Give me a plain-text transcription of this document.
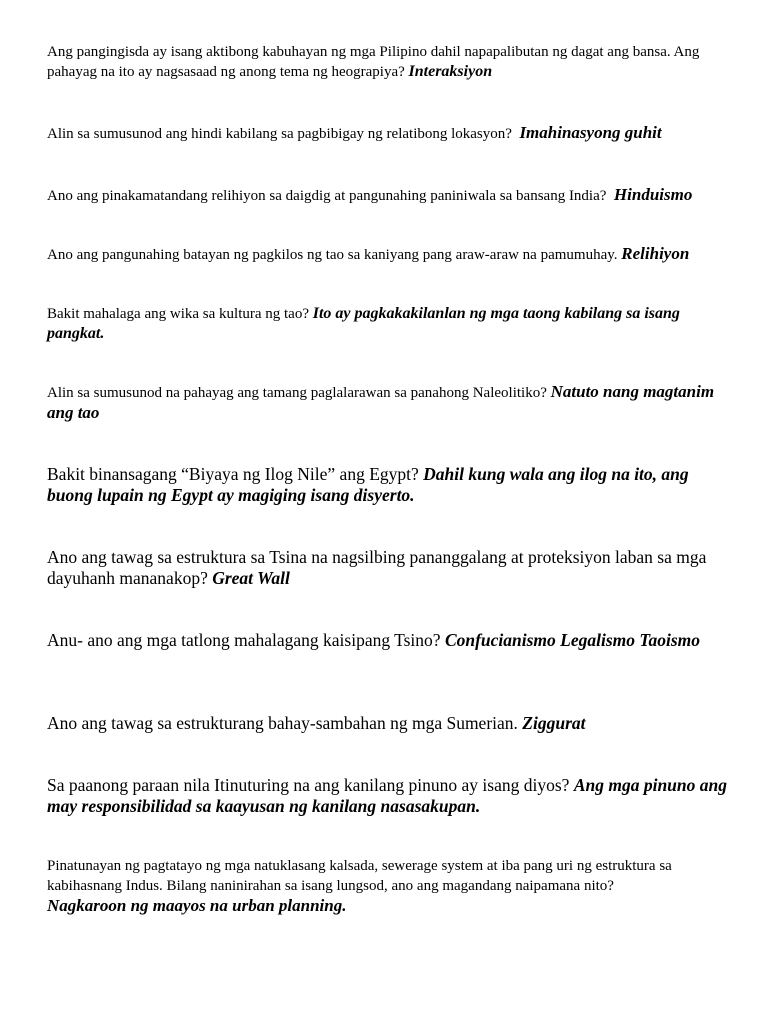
Ang pangingisda ay isang aktibong kabuhayan ng mga Pilipino dahil napapalibutan ng dagat ang bansa. Ang pahayag na ito ay nagsasaad ng anong tema ng heograpiya? Interaksiyon

Alin sa sumusunod ang hindi kabilang sa pagbibigay ng relatibong lokasyon? Imahinasyong guhit

Ano ang pinakamatandang relihiyon sa daigdig at pangunahing paniniwala sa bansang India? Hinduismo

Ano ang pangunahing batayan ng pagkilos ng tao sa kaniyang pang araw-araw na pamumuhay. Relihiyon

Bakit mahalaga ang wika sa kultura ng tao? Ito ay pagkakakilanlan ng mga taong kabilang sa isang pangkat.

Alin sa sumusunod na pahayag ang tamang paglalarawan sa panahong Naleolitiko? Natuto nang magtanim ang tao

Bakit binansagang “Biyaya ng Ilog Nile” ang Egypt? Dahil kung wala ang ilog na ito, ang buong lupain ng Egypt ay magiging isang disyerto.

Ano ang tawag sa estruktura sa Tsina na nagsilbing pananggalang at proteksiyon laban sa mga dayuhanh mananakop? Great Wall

Anu- ano ang mga tatlong mahalagang kaisipang Tsino? Confucianismo Legalismo Taoismo

Ano ang tawag sa estrukturang bahay-sambahan ng mga Sumerian. Ziggurat

Sa paanong paraan nila Itinuturing na ang kanilang pinuno ay isang diyos? Ang mga pinuno ang may responsibilidad sa kaayusan ng kanilang nasasakupan.

Pinatunayan ng pagtatayo ng mga natuklasang kalsada, sewerage system at iba pang uri ng estruktura sa kabihasnang Indus. Bilang naninirahan sa isang lungsod, ano ang magandang naipamana nito?
Nagkaroon ng maayos na urban planning.
